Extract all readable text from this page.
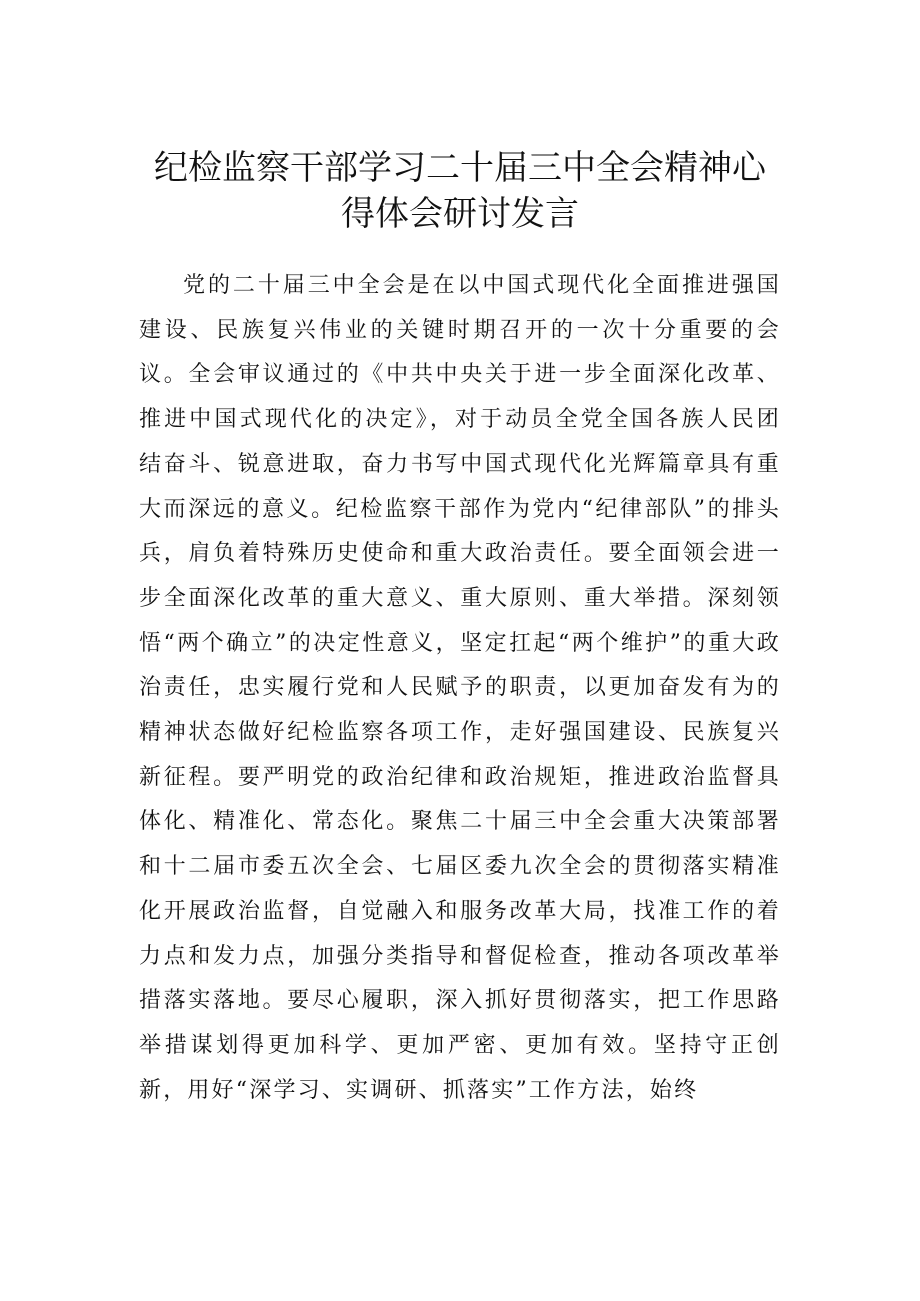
纪检监察干部学习二十届三中全会精神心
得体会研讨发言

党的二十届三中全会是在以中国式现代化全面推进强国建设、民族复兴伟业的关键时期召开的一次十分重要的会议。全会审议通过的《中共中央关于进一步全面深化改革、推进中国式现代化的决定》，对于动员全党全国各族人民团结奋斗、锐意进取，奋力书写中国式现代化光辉篇章具有重大而深远的意义。纪检监察干部作为党内“纪律部队”的排头兵，肩负着特殊历史使命和重大政治责任。要全面领会进一步全面深化改革的重大意义、重大原则、重大举措。深刻领悟“两个确立”的决定性意义，坚定扛起“两个维护”的重大政治责任，忠实履行党和人民赋予的职责，以更加奋发有为的精神状态做好纪检监察各项工作，走好强国建设、民族复兴新征程。要严明党的政治纪律和政治规矩，推进政治监督具体化、精准化、常态化。聚焦二十届三中全会重大决策部署和十二届市委五次全会、七届区委九次全会的贯彻落实精准化开展政治监督，自觉融入和服务改革大局，找准工作的着力点和发力点，加强分类指导和督促检查，推动各项改革举措落实落地。要尽心履职，深入抓好贯彻落实，把工作思路举措谋划得更加科学、更加严密、更加有效。坚持守正创新，用好“深学习、实调研、抓落实”工作方法，始终
